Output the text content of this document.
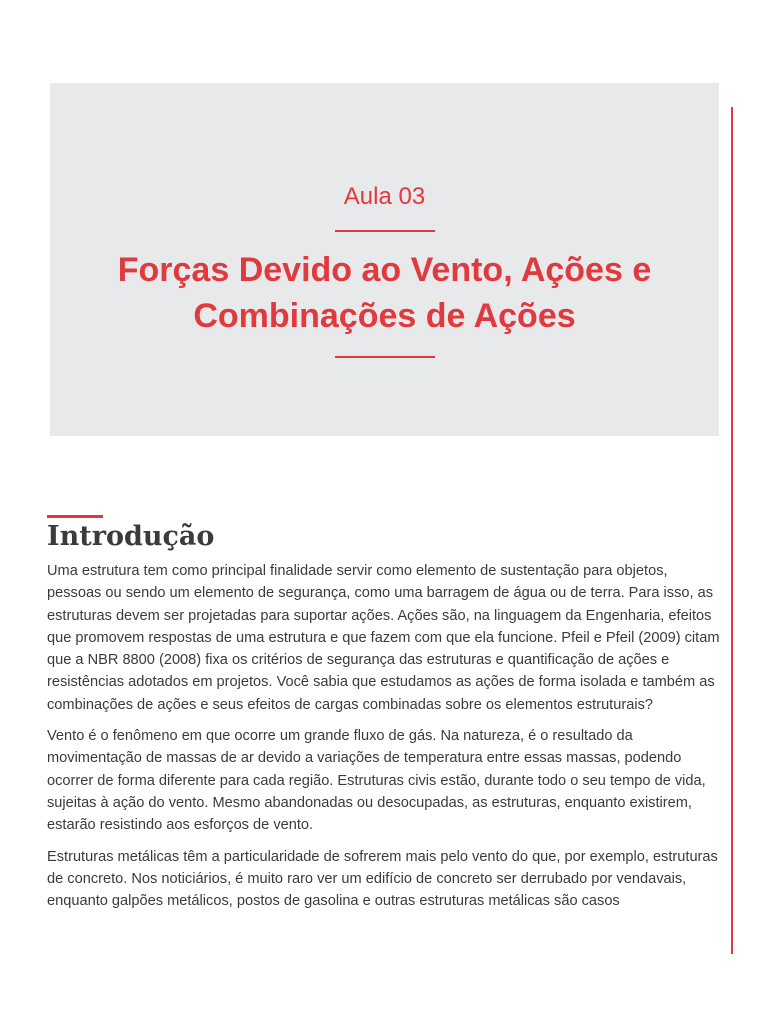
Aula 03
Forças Devido ao Vento, Ações e
Combinações de Ações
Introdução

Uma estrutura tem como principal finalidade servir como elemento de sustentação para objetos, pessoas ou sendo um elemento de segurança, como uma barragem de água ou de terra. Para isso, as estruturas devem ser projetadas para suportar ações. Ações são, na linguagem da Engenharia, efeitos que promovem respostas de uma estrutura e que fazem com que ela funcione. Pfeil e Pfeil (2009) citam que a NBR 8800 (2008) fixa os critérios de segurança das estruturas e quantificação de ações e resistências adotados em projetos. Você sabia que estudamos as ações de forma isolada e também as combinações de ações e seus efeitos de cargas combinadas sobre os elementos estruturais?

Vento é o fenômeno em que ocorre um grande fluxo de gás. Na natureza, é o resultado da movimentação de massas de ar devido a variações de temperatura entre essas massas, podendo ocorrer de forma diferente para cada região. Estruturas civis estão, durante todo o seu tempo de vida, sujeitas à ação do vento. Mesmo abandonadas ou desocupadas, as estruturas, enquanto existirem, estarão resistindo aos esforços de vento.

Estruturas metálicas têm a particularidade de sofrerem mais pelo vento do que, por exemplo, estruturas de concreto. Nos noticiários, é muito raro ver um edifício de concreto ser derrubado por vendavais, enquanto galpões metálicos, postos de gasolina e outras estruturas metálicas são casos
